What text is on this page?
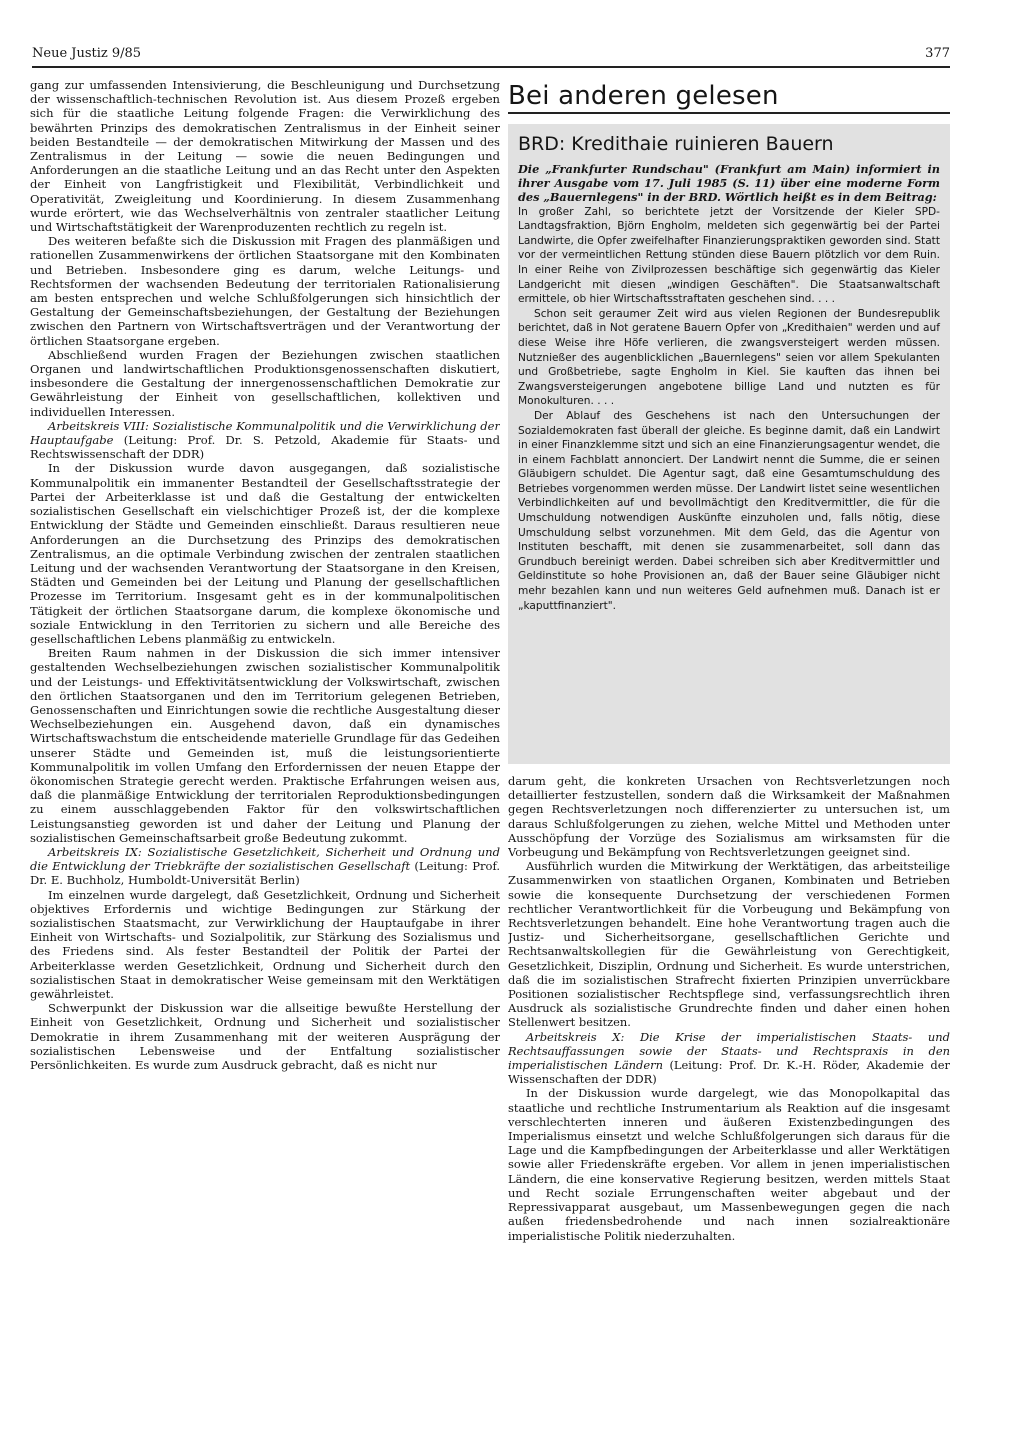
Neue Justiz 9/85	377

gang zur umfassenden Intensivierung, die Beschleunigung und Durchsetzung der wissenschaftlich-technischen Revolution ist. Aus diesem Prozeß ergeben sich für die staatliche Leitung folgende Fragen: die Verwirklichung des bewährten Prinzips des demokratischen Zentralismus in der Einheit seiner beiden Bestandteile — der demokratischen Mitwirkung der Massen und des Zentralismus in der Leitung — sowie die neuen Bedingungen und Anforderungen an die staatliche Leitung und an das Recht unter den Aspekten der Einheit von Langfristigkeit und Flexibilität, Verbindlichkeit und Operativität, Zweigleitung und Koordinierung. In diesem Zusammenhang wurde erörtert, wie das Wechselverhältnis von zentraler staatlicher Leitung und Wirtschaftstätigkeit der Warenproduzenten rechtlich zu regeln ist.

Des weiteren befaßte sich die Diskussion mit Fragen des planmäßigen und rationellen Zusammenwirkens der örtlichen Staatsorgane mit den Kombinaten und Betrieben. Insbesondere ging es darum, welche Leitungs- und Rechtsformen der wachsenden Bedeutung der territorialen Rationalisierung am besten entsprechen und welche Schlußfolgerungen sich hinsichtlich der Gestaltung der Gemeinschaftsbeziehungen, der Gestaltung der Beziehungen zwischen den Partnern von Wirtschaftsverträgen und der Verantwortung der örtlichen Staatsorgane ergeben.

Abschließend wurden Fragen der Beziehungen zwischen staatlichen Organen und landwirtschaftlichen Produktionsgenossenschaften diskutiert, insbesondere die Gestaltung der innergenossenschaftlichen Demokratie zur Gewährleistung der Einheit von gesellschaftlichen, kollektiven und individuellen Interessen.

Arbeitskreis VIII: Sozialistische Kommunalpolitik und die Verwirklichung der Hauptaufgabe (Leitung: Prof. Dr. S. Petzold, Akademie für Staats- und Rechtswissenschaft der DDR)

In der Diskussion wurde davon ausgegangen, daß sozialistische Kommunalpolitik ein immanenter Bestandteil der Gesellschaftsstrategie der Partei der Arbeiterklasse ist und daß die Gestaltung der entwickelten sozialistischen Gesellschaft ein vielschichtiger Prozeß ist, der die komplexe Entwicklung der Städte und Gemeinden einschließt. Daraus resultieren neue Anforderungen an die Durchsetzung des Prinzips des demokratischen Zentralismus, an die optimale Verbindung zwischen der zentralen staatlichen Leitung und der wachsenden Verantwortung der Staatsorgane in den Kreisen, Städten und Gemeinden bei der Leitung und Planung der gesellschaftlichen Prozesse im Territorium. Insgesamt geht es in der kommunalpolitischen Tätigkeit der örtlichen Staatsorgane darum, die komplexe ökonomische und soziale Entwicklung in den Territorien zu sichern und alle Bereiche des gesellschaftlichen Lebens planmäßig zu entwickeln.

Breiten Raum nahmen in der Diskussion die sich immer intensiver gestaltenden Wechselbeziehungen zwischen sozialistischer Kommunalpolitik und der Leistungs- und Effektivitätsentwicklung der Volkswirtschaft, zwischen den örtlichen Staatsorganen und den im Territorium gelegenen Betrieben, Genossenschaften und Einrichtungen sowie die rechtliche Ausgestaltung dieser Wechselbeziehungen ein. Ausgehend davon, daß ein dynamisches Wirtschaftswachstum die entscheidende materielle Grundlage für das Gedeihen unserer Städte und Gemeinden ist, muß die leistungsorientierte Kommunalpolitik im vollen Umfang den Erfordernissen der neuen Etappe der ökonomischen Strategie gerecht werden. Praktische Erfahrungen weisen aus, daß die planmäßige Entwicklung der territorialen Reproduktionsbedingungen zu einem ausschlaggebenden Faktor für den volkswirtschaftlichen Leistungsanstieg geworden ist und daher der Leitung und Planung der sozialistischen Gemeinschaftsarbeit große Bedeutung zukommt.

Arbeitskreis IX: Sozialistische Gesetzlichkeit, Sicherheit und Ordnung und die Entwicklung der Triebkräfte der sozialistischen Gesellschaft (Leitung: Prof. Dr. E. Buchholz, Humboldt-Universität Berlin)

Im einzelnen wurde dargelegt, daß Gesetzlichkeit, Ordnung und Sicherheit objektives Erfordernis und wichtige Bedingungen zur Stärkung der sozialistischen Staatsmacht, zur Verwirklichung der Hauptaufgabe in ihrer Einheit von Wirtschafts- und Sozialpolitik, zur Stärkung des Sozialismus und des Friedens sind. Als fester Bestandteil der Politik der Partei der Arbeiterklasse werden Gesetzlichkeit, Ordnung und Sicherheit durch den sozialistischen Staat in demokratischer Weise gemeinsam mit den Werktätigen gewährleistet.

Schwerpunkt der Diskussion war die allseitige bewußte Herstellung der Einheit von Gesetzlichkeit, Ordnung und Sicherheit und sozialistischer Demokratie in ihrem Zusammenhang mit der weiteren Ausprägung der sozialistischen Lebensweise und der Entfaltung sozialistischer Persönlichkeiten. Es wurde zum Ausdruck gebracht, daß es nicht nur

Bei anderen gelesen
BRD: Kredithaie ruinieren Bauern

Die „Frankfurter Rundschau" (Frankfurt am Main) informiert in ihrer Ausgabe vom 17. Juli 1985 (S. 11) über eine moderne Form des „Bauernlegens" in der BRD. Wörtlich heißt es in dem Beitrag:

In großer Zahl, so berichtete jetzt der Vorsitzende der Kieler SPD-Landtagsfraktion, Björn Engholm, meldeten sich gegenwärtig bei der Partei Landwirte, die Opfer zweifelhafter Finanzierungspraktiken geworden sind. Statt vor der vermeintlichen Rettung stünden diese Bauern plötzlich vor dem Ruin. In einer Reihe von Zivilprozessen beschäftige sich gegenwärtig das Kieler Landgericht mit diesen „windigen Geschäften". Die Staatsanwaltschaft ermittele, ob hier Wirtschaftsstraftaten geschehen sind. . . .

Schon seit geraumer Zeit wird aus vielen Regionen der Bundesrepublik berichtet, daß in Not geratene Bauern Opfer von „Kredithaien" werden und auf diese Weise ihre Höfe verlieren, die zwangsversteigert werden müssen. Nutznießer des augenblicklichen „Bauernlegens" seien vor allem Spekulanten und Großbetriebe, sagte Engholm in Kiel. Sie kauften das ihnen bei Zwangsversteigerungen angebotene billige Land und nutzten es für Monokulturen. . . .

Der Ablauf des Geschehens ist nach den Untersuchungen der Sozialdemokraten fast überall der gleiche. Es beginne damit, daß ein Landwirt in einer Finanzklemme sitzt und sich an eine Finanzierungsagentur wendet, die in einem Fachblatt annonciert. Der Landwirt nennt die Summe, die er seinen Gläubigern schuldet. Die Agentur sagt, daß eine Gesamtumschuldung des Betriebes vorgenommen werden müsse. Der Landwirt listet seine wesentlichen Verbindlichkeiten auf und bevollmächtigt den Kreditvermittler, die für die Umschuldung notwendigen Auskünfte einzuholen und, falls nötig, diese Umschuldung selbst vorzunehmen. Mit dem Geld, das die Agentur von Instituten beschafft, mit denen sie zusammenarbeitet, soll dann das Grundbuch bereinigt werden. Dabei schreiben sich aber Kreditvermittler und Geldinstitute so hohe Provisionen an, daß der Bauer seine Gläubiger nicht mehr bezahlen kann und nun weiteres Geld aufnehmen muß. Danach ist er „kaputtfinanziert".

darum geht, die konkreten Ursachen von Rechtsverletzungen noch detaillierter festzustellen, sondern daß die Wirksamkeit der Maßnahmen gegen Rechtsverletzungen noch differenzierter zu untersuchen ist, um daraus Schlußfolgerungen zu ziehen, welche Mittel und Methoden unter Ausschöpfung der Vorzüge des Sozialismus am wirksamsten für die Vorbeugung und Bekämpfung von Rechtsverletzungen geeignet sind.

Ausführlich wurden die Mitwirkung der Werktätigen, das arbeitsteilige Zusammenwirken von staatlichen Organen, Kombinaten und Betrieben sowie die konsequente Durchsetzung der verschiedenen Formen rechtlicher Verantwortlichkeit für die Vorbeugung und Bekämpfung von Rechtsverletzungen behandelt. Eine hohe Verantwortung tragen auch die Justiz- und Sicherheitsorgane, gesellschaftlichen Gerichte und Rechtsanwaltskollegien für die Gewährleistung von Gerechtigkeit, Gesetzlichkeit, Disziplin, Ordnung und Sicherheit. Es wurde unterstrichen, daß die im sozialistischen Strafrecht fixierten Prinzipien unverrückbare Positionen sozialistischer Rechtspflege sind, verfassungsrechtlich ihren Ausdruck als sozialistische Grundrechte finden und daher einen hohen Stellenwert besitzen.

Arbeitskreis X: Die Krise der imperialistischen Staats- und Rechtsauffassungen sowie der Staats- und Rechtspraxis in den imperialistischen Ländern (Leitung: Prof. Dr. K.-H. Röder, Akademie der Wissenschaften der DDR)

In der Diskussion wurde dargelegt, wie das Monopolkapital das staatliche und rechtliche Instrumentarium als Reaktion auf die insgesamt verschlechterten inneren und äußeren Existenzbedingungen des Imperialismus einsetzt und welche Schlußfolgerungen sich daraus für die Lage und die Kampfbedingungen der Arbeiterklasse und aller Werktätigen sowie aller Friedenskräfte ergeben. Vor allem in jenen imperialistischen Ländern, die eine konservative Regierung besitzen, werden mittels Staat und Recht soziale Errungenschaften weiter abgebaut und der Repressivapparat ausgebaut, um Massenbewegungen gegen die nach außen friedensbedrohende und nach innen sozialreaktionäre imperialistische Politik niederzuhalten.
